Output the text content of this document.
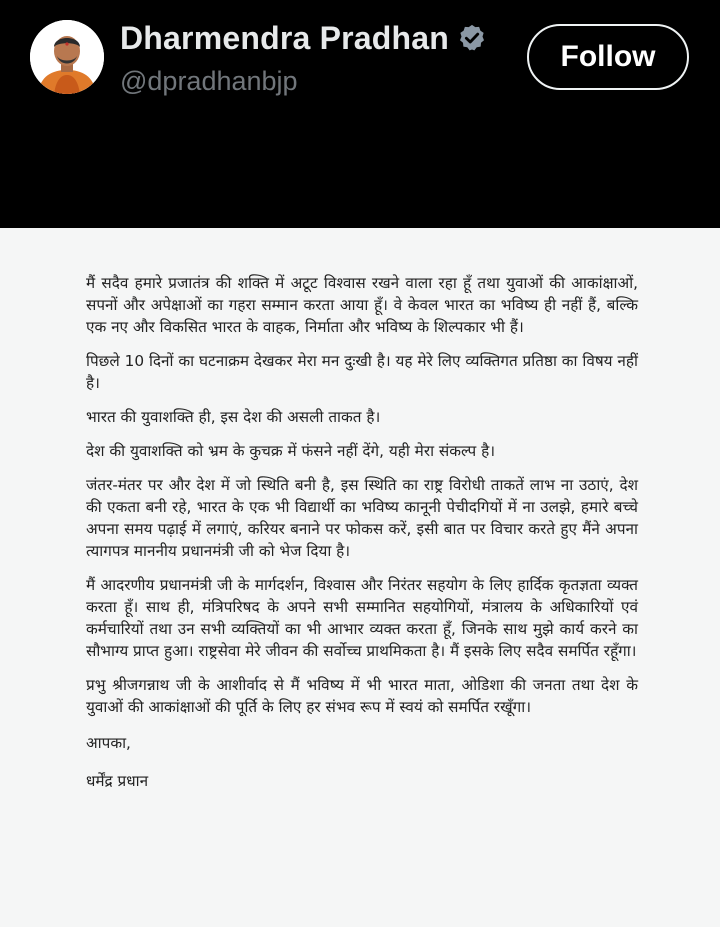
Dharmendra Pradhan
@dpradhanbjp
Follow

मैं सदैव हमारे प्रजातंत्र की शक्ति में अटूट विश्वास रखने वाला रहा हूँ तथा युवाओं की आकांक्षाओं, सपनों और अपेक्षाओं का गहरा सम्मान करता आया हूँ। वे केवल भारत का भविष्य ही नहीं हैं, बल्कि एक नए और विकसित भारत के वाहक, निर्माता और भविष्य के शिल्पकार भी हैं।

पिछले 10 दिनों का घटनाक्रम देखकर मेरा मन दुःखी है। यह मेरे लिए व्यक्तिगत प्रतिष्ठा का विषय नहीं है।

भारत की युवाशक्ति ही, इस देश की असली ताकत है।

देश की युवाशक्ति को भ्रम के कुचक्र में फंसने नहीं देंगे, यही मेरा संकल्प है।

जंतर-मंतर पर और देश में जो स्थिति बनी है, इस स्थिति का राष्ट्र विरोधी ताकतें लाभ ना उठाएं, देश की एकता बनी रहे, भारत के एक भी विद्यार्थी का भविष्य कानूनी पेचीदगियों में ना उलझे, हमारे बच्चे अपना समय पढ़ाई में लगाएं, करियर बनाने पर फोकस करें, इसी बात पर विचार करते हुए मैंने अपना त्यागपत्र माननीय प्रधानमंत्री जी को भेज दिया है।

मैं आदरणीय प्रधानमंत्री जी के मार्गदर्शन, विश्वास और निरंतर सहयोग के लिए हार्दिक कृतज्ञता व्यक्त करता हूँ। साथ ही, मंत्रिपरिषद के अपने सभी सम्मानित सहयोगियों, मंत्रालय के अधिकारियों एवं कर्मचारियों तथा उन सभी व्यक्तियों का भी आभार व्यक्त करता हूँ, जिनके साथ मुझे कार्य करने का सौभाग्य प्राप्त हुआ। राष्ट्रसेवा मेरे जीवन की सर्वोच्च प्राथमिकता है। मैं इसके लिए सदैव समर्पित रहूँगा।

प्रभु श्रीजगन्नाथ जी के आशीर्वाद से मैं भविष्य में भी भारत माता, ओडिशा की जनता तथा देश के युवाओं की आकांक्षाओं की पूर्ति के लिए हर संभव रूप में स्वयं को समर्पित रखूँगा।

आपका,

धर्मेंद्र प्रधान
